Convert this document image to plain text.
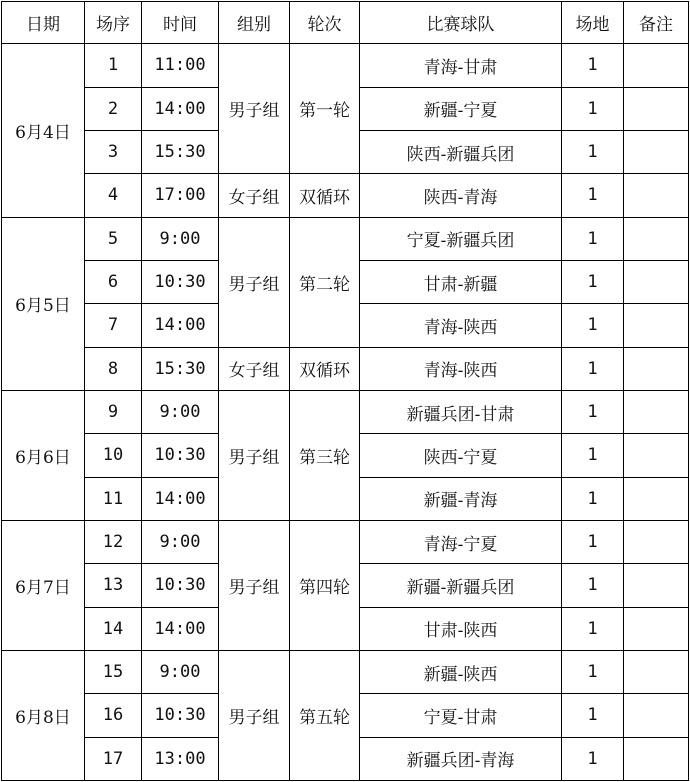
日期	场序	时间	组别	轮次	比赛球队	场地	备注
6月4日	1	11:00	男子组	第一轮	青海-甘肃	1	
	2	14:00			新疆-宁夏	1	
	3	15:30			陕西-新疆兵团	1	
	4	17:00	女子组	双循环	陕西-青海	1	
6月5日	5	9:00	男子组	第二轮	宁夏-新疆兵团	1	
	6	10:30			甘肃-新疆	1	
	7	14:00			青海-陕西	1	
	8	15:30	女子组	双循环	青海-陕西	1	
6月6日	9	9:00	男子组	第三轮	新疆兵团-甘肃	1	
	10	10:30			陕西-宁夏	1	
	11	14:00			新疆-青海	1	
6月7日	12	9:00	男子组	第四轮	青海-宁夏	1	
	13	10:30			新疆-新疆兵团	1	
	14	14:00			甘肃-陕西	1	
6月8日	15	9:00	男子组	第五轮	新疆-陕西	1	
	16	10:30			宁夏-甘肃	1	
	17	13:00			新疆兵团-青海	1	
